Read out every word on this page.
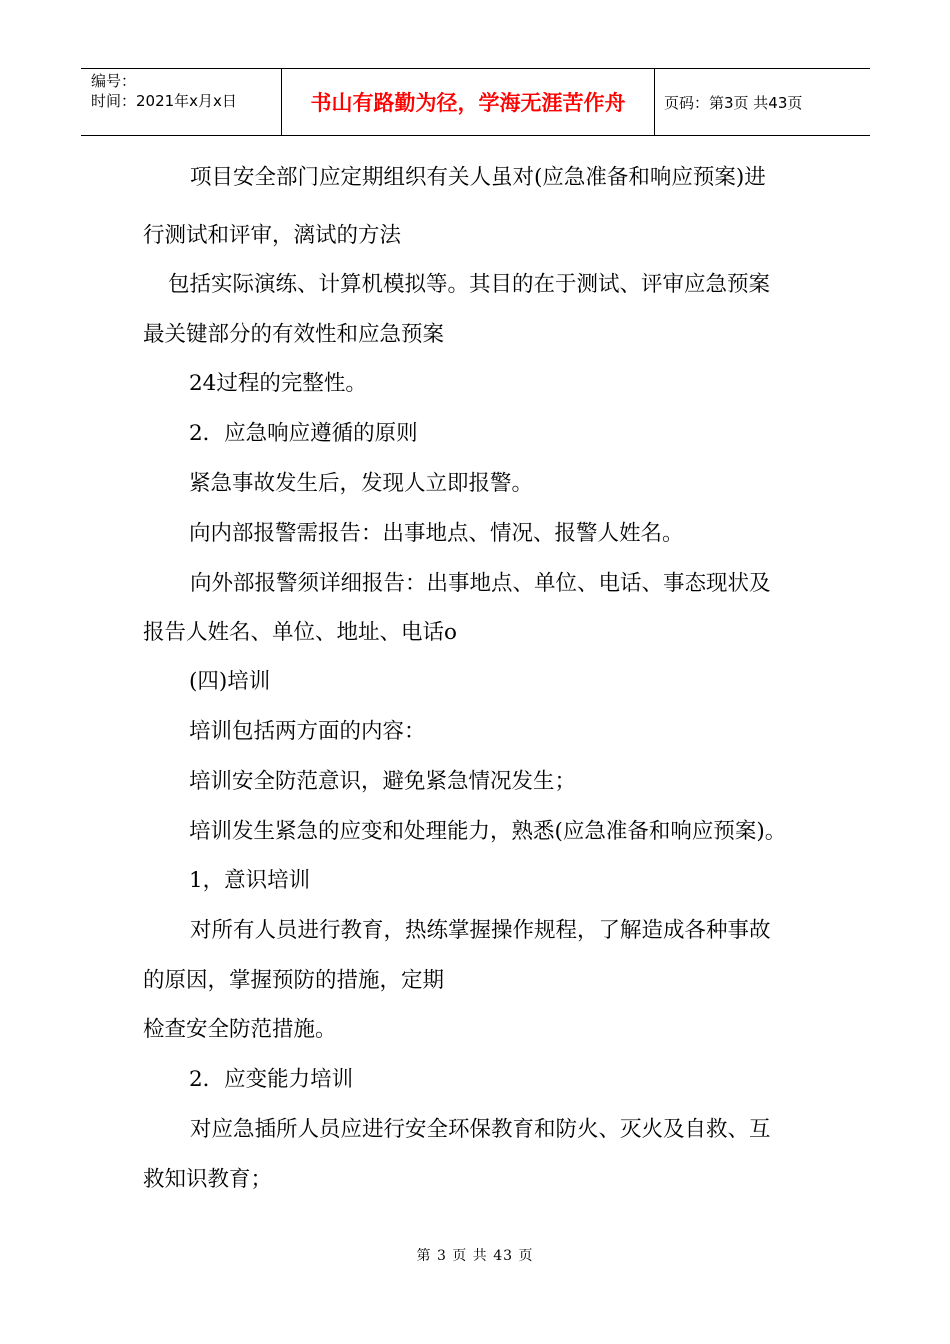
编号：
时间：2021年x月x日	书山有路勤为径，学海无涯苦作舟	页码：第3页 共43页
项目安全部门应定期组织有关人虽对(应急准备和响应预案)进
行测试和评审，漓试的方法
包括实际演练、计算机模拟等。其目的在于测试、评审应急预案
最关键部分的有效性和应急预案
24过程的完整性。
2．应急响应遵循的原则
紧急事故发生后，发现人立即报警。
向内部报警需报告：出事地点、情况、报警人姓名。
向外部报警须详细报告：出事地点、单位、电话、事态现状及
报告人姓名、单位、地址、电话o
(四)培训
培训包括两方面的内容：
培训安全防范意识，避免紧急情况发生；
培训发生紧急的应变和处理能力，熟悉(应急准备和响应预案)。
1，意识培训
对所有人员进行教育，热练掌握操作规程，了解造成各种事故
的原因，掌握预防的措施，定期
检查安全防范措施。
2．应变能力培训
对应急插所人员应进行安全环保教育和防火、灭火及自救、互
救知识教育；
第 3 页 共 43 页
